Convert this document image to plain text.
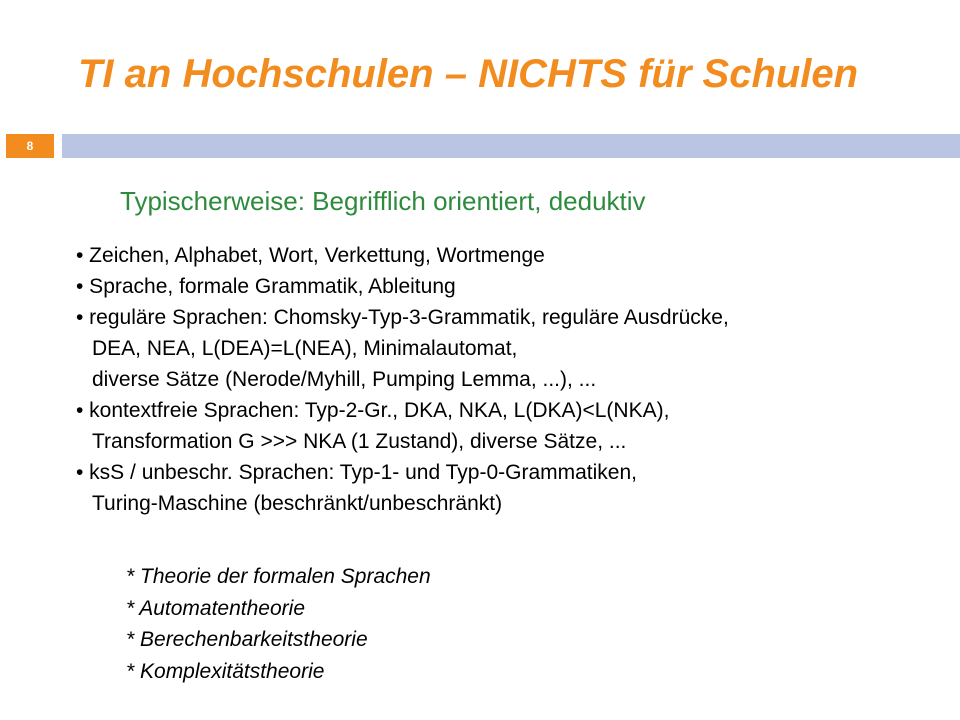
TI an Hochschulen – NICHTS für Schulen
8
Typischerweise: Begrifflich orientiert, deduktiv
• Zeichen, Alphabet, Wort, Verkettung, Wortmenge
• Sprache, formale Grammatik, Ableitung
• reguläre Sprachen: Chomsky-Typ-3-Grammatik, reguläre Ausdrücke,
DEA, NEA, L(DEA)=L(NEA), Minimalautomat,
diverse Sätze (Nerode/Myhill, Pumping Lemma, ...), ...
• kontextfreie Sprachen: Typ-2-Gr., DKA, NKA, L(DKA)<L(NKA),
Transformation G >>> NKA (1 Zustand), diverse Sätze, ...
• ksS / unbeschr. Sprachen: Typ-1- und Typ-0-Grammatiken,
Turing-Maschine (beschränkt/unbeschränkt)
* Theorie der formalen Sprachen
* Automatentheorie
* Berechenbarkeitstheorie
* Komplexitätstheorie
